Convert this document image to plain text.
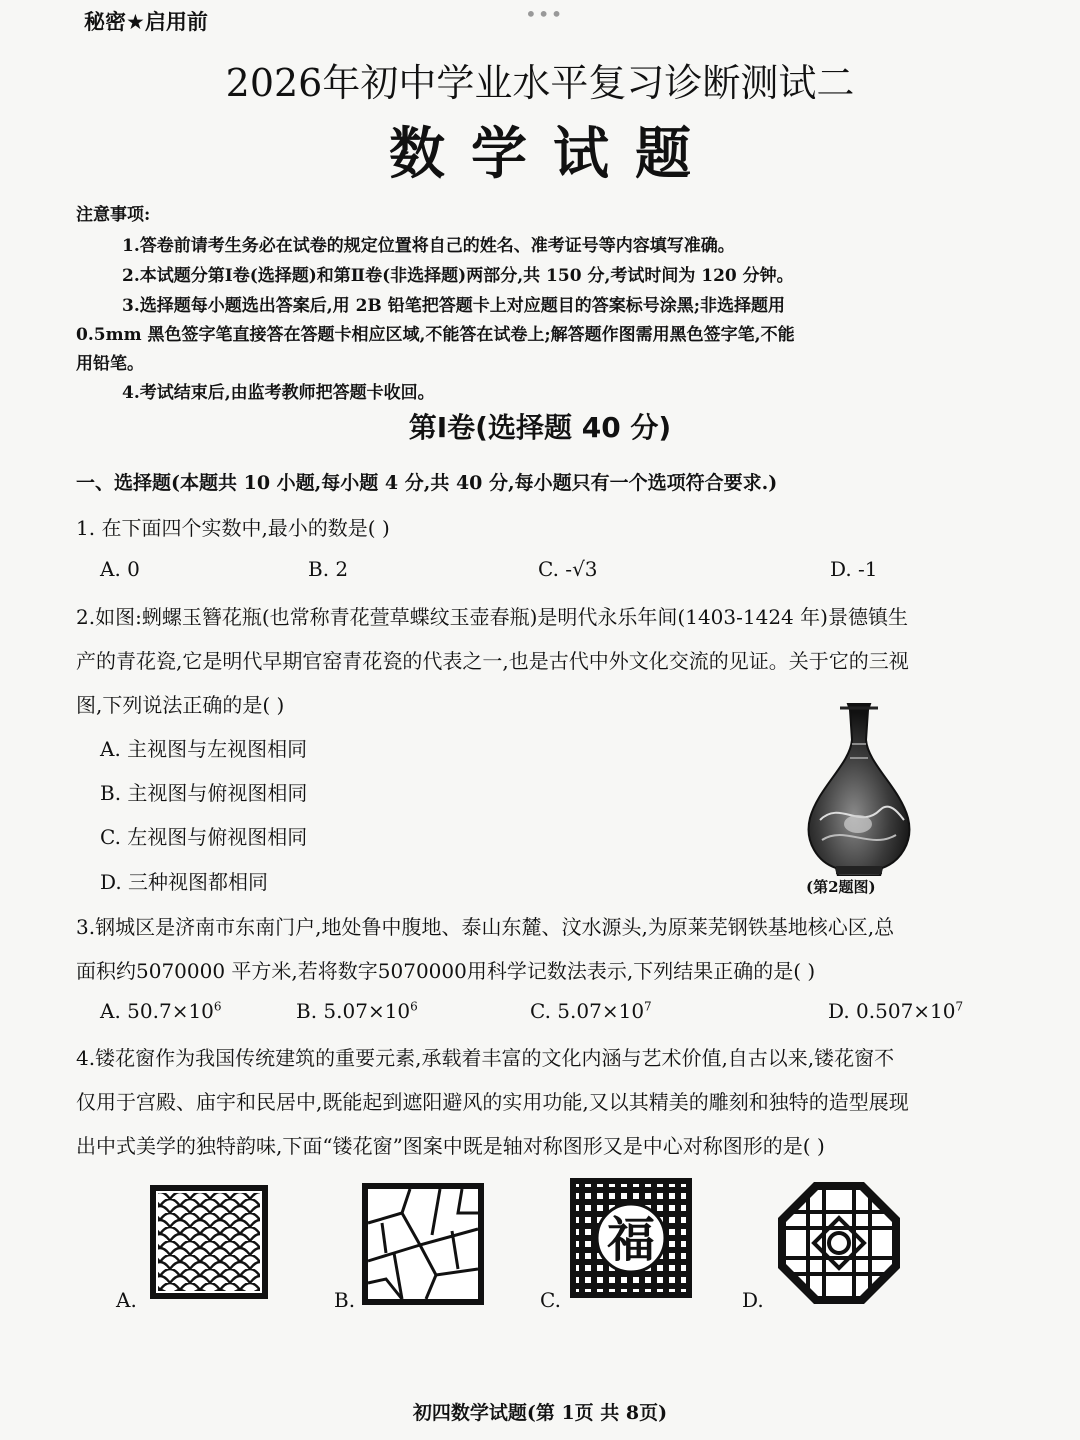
秘密★启用前	•••
2026年初中学业水平复习诊断测试二
数学试题
注意事项:
1.答卷前请考生务必在试卷的规定位置将自己的姓名、准考证号等内容填写准确。
2.本试题分第Ⅰ卷(选择题)和第Ⅱ卷(非选择题)两部分,共 150 分,考试时间为 120 分钟。
3.选择题每小题选出答案后,用 2B 铅笔把答题卡上对应题目的答案标号涂黑;非选择题用
0.5mm 黑色签字笔直接答在答题卡相应区域,不能答在试卷上;解答题作图需用黑色签字笔,不能
用铅笔。
4.考试结束后,由监考教师把答题卡收回。
第Ⅰ卷(选择题 40 分)
一、选择题(本题共 10 小题,每小题 4 分,共 40 分,每小题只有一个选项符合要求.)
1. 在下面四个实数中,最小的数是( )
A. 0	B. 2	C. -√3	D. -1
2.如图:蛚螺玉簪花瓶(也常称青花萱草蝶纹玉壶春瓶)是明代永乐年间(1403-1424 年)景德镇生
产的青花瓷,它是明代早期官窑青花瓷的代表之一,也是古代中外文化交流的见证。关于它的三视
图,下列说法正确的是( )
A. 主视图与左视图相同
B. 主视图与俯视图相同
C. 左视图与俯视图相同
D. 三种视图都相同	(第2题图)
3.钢城区是济南市东南门户,地处鲁中腹地、泰山东麓、汶水源头,为原莱芜钢铁基地核心区,总
面积约5070000 平方米,若将数字5070000用科学记数法表示,下列结果正确的是( )
A. $50.7\times 10^6$	B. $5.07\times 10^6$	C. $5.07\times 10^7$	D. $0.507\times 10^7$
4.镂花窗作为我国传统建筑的重要元素,承载着丰富的文化内涵与艺术价值,自古以来,镂花窗不
仅用于宫殿、庙宇和民居中,既能起到遮阳避风的实用功能,又以其精美的雕刻和独特的造型展现
出中式美学的独特韵味,下面“镂花窗”图案中既是轴对称图形又是中心对称图形的是( )
A.	B.
福
C.	D.
初四数学试题(第 1页 共 8页)
